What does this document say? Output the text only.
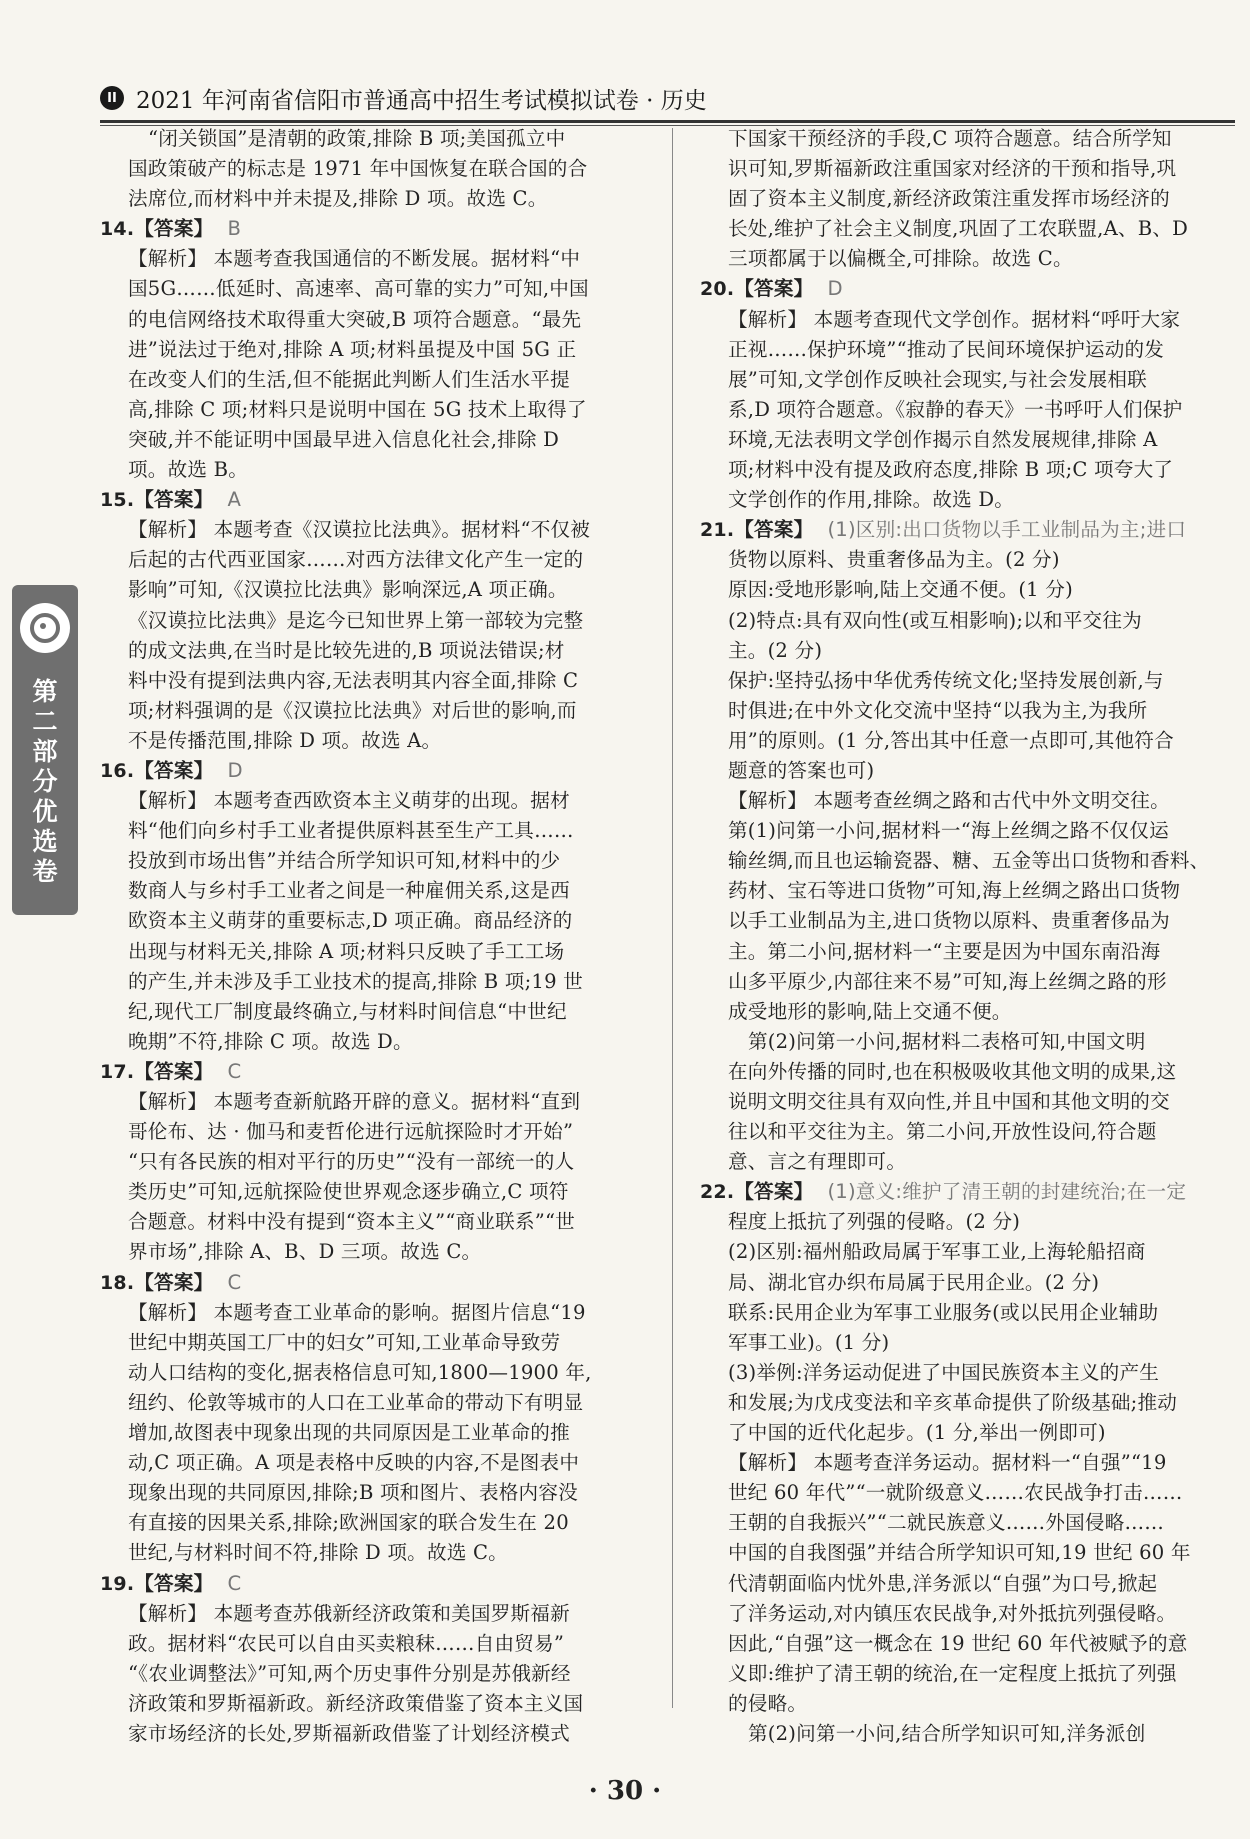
II 2021 年河南省信阳市普通高中招生考试模拟试卷 · 历史
第二部分 优选卷
“闭关锁国”是清朝的政策,排除 B 项;美国孤立中
国政策破产的标志是 1971 年中国恢复在联合国的合
法席位,而材料中并未提及,排除 D 项。故选 C。
14.【答案】 B
【解析】 本题考查我国通信的不断发展。据材料“中
国5G……低延时、高速率、高可靠的实力”可知,中国
的电信网络技术取得重大突破,B 项符合题意。“最先
进”说法过于绝对,排除 A 项;材料虽提及中国 5G 正
在改变人们的生活,但不能据此判断人们生活水平提
高,排除 C 项;材料只是说明中国在 5G 技术上取得了
突破,并不能证明中国最早进入信息化社会,排除 D
项。故选 B。
15.【答案】 A
【解析】 本题考查《汉谟拉比法典》。据材料“不仅被
后起的古代西亚国家……对西方法律文化产生一定的
影响”可知,《汉谟拉比法典》影响深远,A 项正确。
《汉谟拉比法典》是迄今已知世界上第一部较为完整
的成文法典,在当时是比较先进的,B 项说法错误;材
料中没有提到法典内容,无法表明其内容全面,排除 C
项;材料强调的是《汉谟拉比法典》对后世的影响,而
不是传播范围,排除 D 项。故选 A。
16.【答案】 D
【解析】 本题考查西欧资本主义萌芽的出现。据材
料“他们向乡村手工业者提供原料甚至生产工具……
投放到市场出售”并结合所学知识可知,材料中的少
数商人与乡村手工业者之间是一种雇佣关系,这是西
欧资本主义萌芽的重要标志,D 项正确。商品经济的
出现与材料无关,排除 A 项;材料只反映了手工工场
的产生,并未涉及手工业技术的提高,排除 B 项;19 世
纪,现代工厂制度最终确立,与材料时间信息“中世纪
晚期”不符,排除 C 项。故选 D。
17.【答案】 C
【解析】 本题考查新航路开辟的意义。据材料“直到
哥伦布、达 · 伽马和麦哲伦进行远航探险时才开始”
“只有各民族的相对平行的历史”“没有一部统一的人
类历史”可知,远航探险使世界观念逐步确立,C 项符
合题意。材料中没有提到“资本主义”“商业联系”“世
界市场”,排除 A、B、D 三项。故选 C。
18.【答案】 C
【解析】 本题考查工业革命的影响。据图片信息“19
世纪中期英国工厂中的妇女”可知,工业革命导致劳
动人口结构的变化,据表格信息可知,1800—1900 年,
纽约、伦敦等城市的人口在工业革命的带动下有明显
增加,故图表中现象出现的共同原因是工业革命的推
动,C 项正确。A 项是表格中反映的内容,不是图表中
现象出现的共同原因,排除;B 项和图片、表格内容没
有直接的因果关系,排除;欧洲国家的联合发生在 20
世纪,与材料时间不符,排除 D 项。故选 C。
19.【答案】 C
【解析】 本题考查苏俄新经济政策和美国罗斯福新
政。据材料“农民可以自由买卖粮秣……自由贸易”
“《农业调整法》”可知,两个历史事件分别是苏俄新经
济政策和罗斯福新政。新经济政策借鉴了资本主义国
家市场经济的长处,罗斯福新政借鉴了计划经济模式
下国家干预经济的手段,C 项符合题意。结合所学知
识可知,罗斯福新政注重国家对经济的干预和指导,巩
固了资本主义制度,新经济政策注重发挥市场经济的
长处,维护了社会主义制度,巩固了工农联盟,A、B、D
三项都属于以偏概全,可排除。故选 C。
20.【答案】 D
【解析】 本题考查现代文学创作。据材料“呼吁大家
正视……保护环境”“推动了民间环境保护运动的发
展”可知,文学创作反映社会现实,与社会发展相联
系,D 项符合题意。《寂静的春天》一书呼吁人们保护
环境,无法表明文学创作揭示自然发展规律,排除 A
项;材料中没有提及政府态度,排除 B 项;C 项夸大了
文学创作的作用,排除。故选 D。
21.【答案】 (1)区别:出口货物以手工业制品为主;进口
货物以原料、贵重奢侈品为主。(2 分)
原因:受地形影响,陆上交通不便。(1 分)
(2)特点:具有双向性(或互相影响);以和平交往为
主。(2 分)
保护:坚持弘扬中华优秀传统文化;坚持发展创新,与
时俱进;在中外文化交流中坚持“以我为主,为我所
用”的原则。(1 分,答出其中任意一点即可,其他符合
题意的答案也可)
【解析】 本题考查丝绸之路和古代中外文明交往。
第(1)问第一小问,据材料一“海上丝绸之路不仅仅运
输丝绸,而且也运输瓷器、糖、五金等出口货物和香料、
药材、宝石等进口货物”可知,海上丝绸之路出口货物
以手工业制品为主,进口货物以原料、贵重奢侈品为
主。第二小问,据材料一“主要是因为中国东南沿海
山多平原少,内部往来不易”可知,海上丝绸之路的形
成受地形的影响,陆上交通不便。
第(2)问第一小问,据材料二表格可知,中国文明
在向外传播的同时,也在积极吸收其他文明的成果,这
说明文明交往具有双向性,并且中国和其他文明的交
往以和平交往为主。第二小问,开放性设问,符合题
意、言之有理即可。
22.【答案】 (1)意义:维护了清王朝的封建统治;在一定
程度上抵抗了列强的侵略。(2 分)
(2)区别:福州船政局属于军事工业,上海轮船招商
局、湖北官办织布局属于民用企业。(2 分)
联系:民用企业为军事工业服务(或以民用企业辅助
军事工业)。(1 分)
(3)举例:洋务运动促进了中国民族资本主义的产生
和发展;为戊戌变法和辛亥革命提供了阶级基础;推动
了中国的近代化起步。(1 分,举出一例即可)
【解析】 本题考查洋务运动。据材料一“自强”“19
世纪 60 年代”“一就阶级意义……农民战争打击……
王朝的自我振兴”“二就民族意义……外国侵略……
中国的自我图强”并结合所学知识可知,19 世纪 60 年
代清朝面临内忧外患,洋务派以“自强”为口号,掀起
了洋务运动,对内镇压农民战争,对外抵抗列强侵略。
因此,“自强”这一概念在 19 世纪 60 年代被赋予的意
义即:维护了清王朝的统治,在一定程度上抵抗了列强
的侵略。
第(2)问第一小问,结合所学知识可知,洋务派创
· 30 ·
